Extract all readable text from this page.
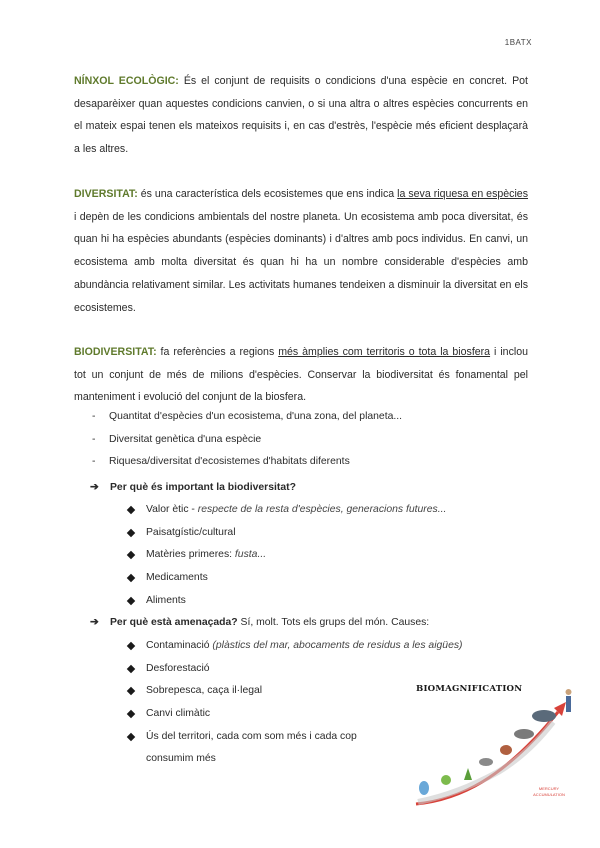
1BATX

NÍNXOL ECOLÒGIC: És el conjunt de requisits o condicions d'una espècie en concret. Pot desaparèixer quan aquestes condicions canvien, o si una altra o altres espècies concurrents en el mateix espai tenen els mateixos requisits i, en cas d'estrès, l'espècie més eficient desplaçarà a les altres.

DIVERSITAT: és una característica dels ecosistemes que ens indica la seva riquesa en espècies i depèn de les condicions ambientals del nostre planeta. Un ecosistema amb poca diversitat, és quan hi ha espècies abundants (espècies dominants) i d'altres amb pocs individus. En canvi, un ecosistema amb molta diversitat és quan hi ha un nombre considerable d'espècies amb abundància relativament similar. Les activitats humanes tendeixen a disminuir la diversitat en els ecosistemes.

BIODIVERSITAT: fa referències a regions més àmplies com territoris o tota la biosfera i inclou tot un conjunt de més de milions d'espècies. Conservar la biodiversitat és fonamental pel manteniment i evolució del conjunt de la biosfera.

- Quantitat d'espècies d'un ecosistema, d'una zona, del planeta...
- Diversitat genètica d'una espècie
- Riquesa/diversitat d'ecosistemes d'habitats diferents
➔ Per què és important la biodiversitat?
Valor ètic - respecte de la resta d'espècies, generacions futures...
Paisatgístic/cultural
Matèries primeres: fusta...
Medicaments
Aliments
➔ Per què està amenaçada? Sí, molt. Tots els grups del món. Causes:
Contaminació (plàstics del mar, abocaments de residus a les aigües)
Desforestació
Sobrepesca, caça il·legal
Canvi climàtic
Ús del territori, cada com som més i cada cop
consumim més
BIOMAGNIFICATION
MERCURY
ACCUMULATION
